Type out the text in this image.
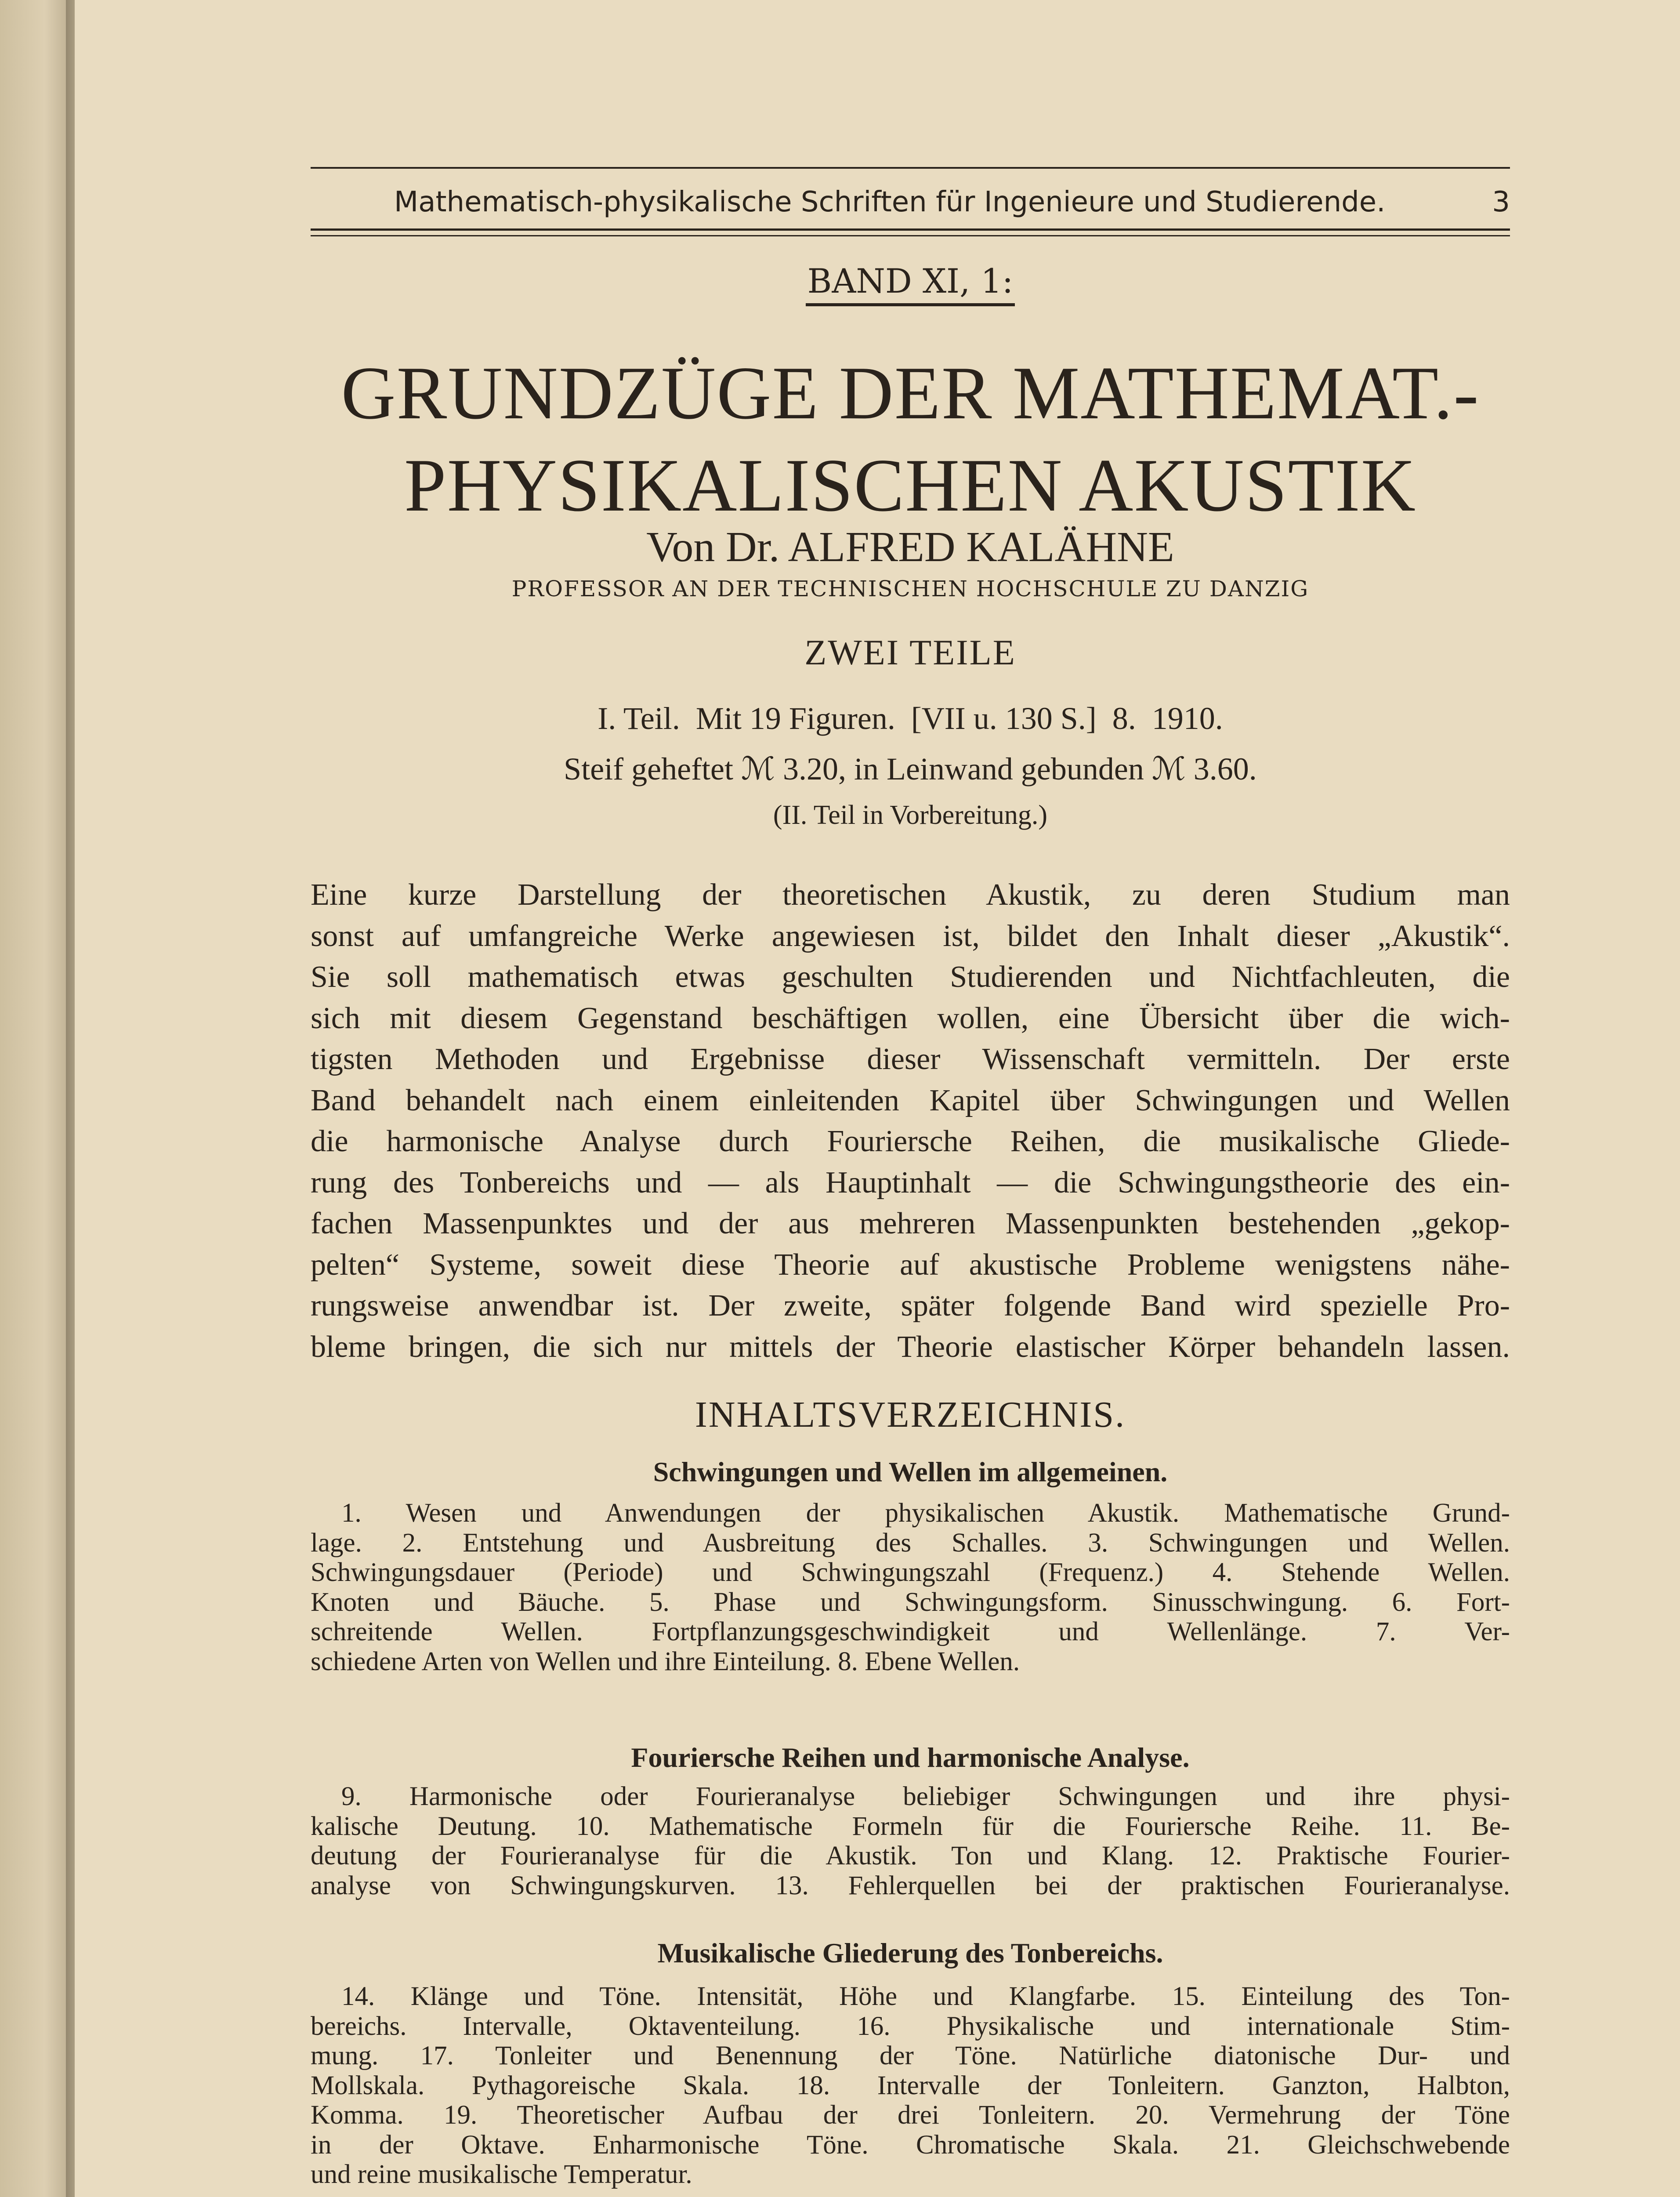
Mathematisch-physikalische Schriften für Ingenieure und Studierende.	3
BAND XI, 1:
GRUNDZÜGE DER MATHEMAT.-
PHYSIKALISCHEN AKUSTIK
Von Dr. ALFRED KALÄHNE
PROFESSOR AN DER TECHNISCHEN HOCHSCHULE ZU DANZIG
ZWEI TEILE
I. Teil.  Mit 19 Figuren.  [VII u. 130 S.]  8.  1910.
Steif geheftet ℳ 3.20, in Leinwand gebunden ℳ 3.60.
(II. Teil in Vorbereitung.)
Eine kurze Darstellung der theoretischen Akustik, zu deren Studium man
sonst auf umfangreiche Werke angewiesen ist, bildet den Inhalt dieser „Akustik“.
Sie soll mathematisch etwas geschulten Studierenden und Nichtfachleuten, die
sich mit diesem Gegenstand beschäftigen wollen, eine Übersicht über die wich-
tigsten Methoden und Ergebnisse dieser Wissenschaft vermitteln. Der erste
Band behandelt nach einem einleitenden Kapitel über Schwingungen und Wellen
die harmonische Analyse durch Fouriersche Reihen, die musikalische Gliede-
rung des Tonbereichs und — als Hauptinhalt — die Schwingungstheorie des ein-
fachen Massenpunktes und der aus mehreren Massenpunkten bestehenden „gekop-
pelten“ Systeme, soweit diese Theorie auf akustische Probleme wenigstens nähe-
rungsweise anwendbar ist. Der zweite, später folgende Band wird spezielle Pro-
bleme bringen, die sich nur mittels der Theorie elastischer Körper behandeln lassen.
INHALTSVERZEICHNIS.
Schwingungen und Wellen im allgemeinen.
1. Wesen und Anwendungen der physikalischen Akustik. Mathematische Grund-
lage. 2. Entstehung und Ausbreitung des Schalles. 3. Schwingungen und Wellen.
Schwingungsdauer (Periode) und Schwingungszahl (Frequenz.) 4. Stehende Wellen.
Knoten und Bäuche. 5. Phase und Schwingungsform. Sinusschwingung. 6. Fort-
schreitende Wellen. Fortpflanzungsgeschwindigkeit und Wellenlänge. 7. Ver-
schiedene Arten von Wellen und ihre Einteilung. 8. Ebene Wellen.
Fouriersche Reihen und harmonische Analyse.
9. Harmonische oder Fourieranalyse beliebiger Schwingungen und ihre physi-
kalische Deutung. 10. Mathematische Formeln für die Fouriersche Reihe. 11. Be-
deutung der Fourieranalyse für die Akustik. Ton und Klang. 12. Praktische Fourier-
analyse von Schwingungskurven. 13. Fehlerquellen bei der praktischen Fourieranalyse.
Musikalische Gliederung des Tonbereichs.
14. Klänge und Töne. Intensität, Höhe und Klangfarbe. 15. Einteilung des Ton-
bereichs. Intervalle, Oktaventeilung. 16. Physikalische und internationale Stim-
mung. 17. Tonleiter und Benennung der Töne. Natürliche diatonische Dur- und
Mollskala. Pythagoreische Skala. 18. Intervalle der Tonleitern. Ganzton, Halbton,
Komma. 19. Theoretischer Aufbau der drei Tonleitern. 20. Vermehrung der Töne
in der Oktave. Enharmonische Töne. Chromatische Skala. 21. Gleichschwebende
und reine musikalische Temperatur.
